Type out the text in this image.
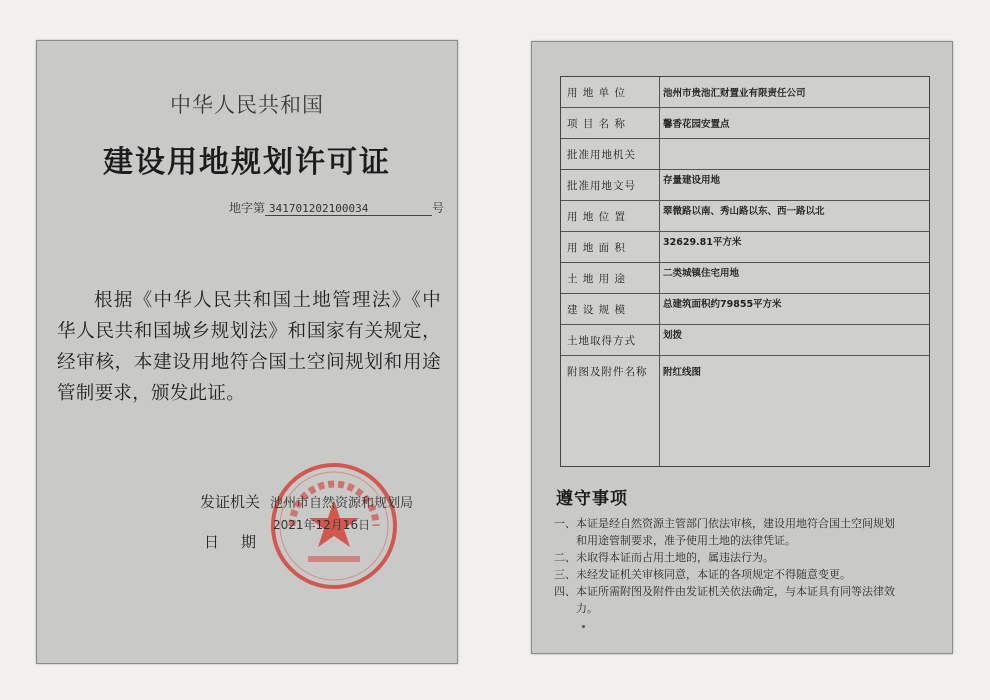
中华人民共和国
建设用地规划许可证
地字第 341701202100034	号
根据《中华人民共和国土地管理法》《中华人民共和国城乡规划法》和国家有关规定，经审核，本建设用地符合国土空间规划和用途管制要求，颁发此证。
发证机关 池州市自然资源和规划局
2021年12月16日
日期
用 地 单 位	池州市贵池汇财置业有限责任公司
项 目 名 称	馨香花园安置点
批准用地机关
批准用地文号	存量建设用地
用 地 位 置	翠微路以南、秀山路以东、西一路以北
用 地 面 积	32629.81平方米
土 地 用 途	二类城镇住宅用地
建 设 规 模	总建筑面积约79855平方米
土地取得方式	划拨
附图及附件名称	附红线图
遵守事项
一、本证是经自然资源主管部门依法审核，建设用地符合国土空间规划
和用途管制要求，准予使用土地的法律凭证。
二、未取得本证而占用土地的，属违法行为。
三、未经发证机关审核同意，本证的各项规定不得随意变更。
四、本证所需附图及附件由发证机关依法确定，与本证具有同等法律效
力。
